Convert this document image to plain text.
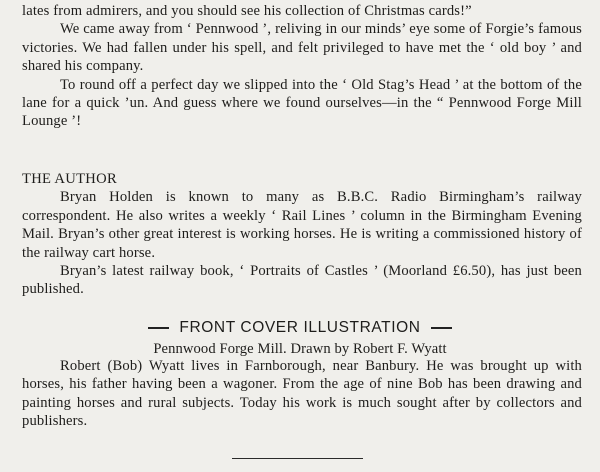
lates from admirers, and you should see his collection of Christmas cards!”

We came away from ‘ Pennwood ’, reliving in our minds’ eye some of Forgie’s famous victories. We had fallen under his spell, and felt privileged to have met the ‘ old boy ’ and shared his company.

To round off a perfect day we slipped into the ‘ Old Stag’s Head ’ at the bottom of the lane for a quick ’un. And guess where we found ourselves—in the “ Pennwood Forge Mill Lounge ’!

THE AUTHOR

Bryan Holden is known to many as B.B.C. Radio Birmingham’s railway correspondent. He also writes a weekly ‘ Rail Lines ’ column in the Birmingham Evening Mail. Bryan’s other great interest is working horses. He is writing a commissioned history of the railway cart horse.

Bryan’s latest railway book, ‘ Portraits of Castles ’ (Moorland £6.50), has just been published.

FRONT COVER ILLUSTRATION
Pennwood Forge Mill. Drawn by Robert F. Wyatt

Robert (Bob) Wyatt lives in Farnborough, near Banbury. He was brought up with horses, his father having been a wagoner. From the age of nine Bob has been drawing and painting horses and rural subjects. Today his work is much sought after by collectors and publishers.
